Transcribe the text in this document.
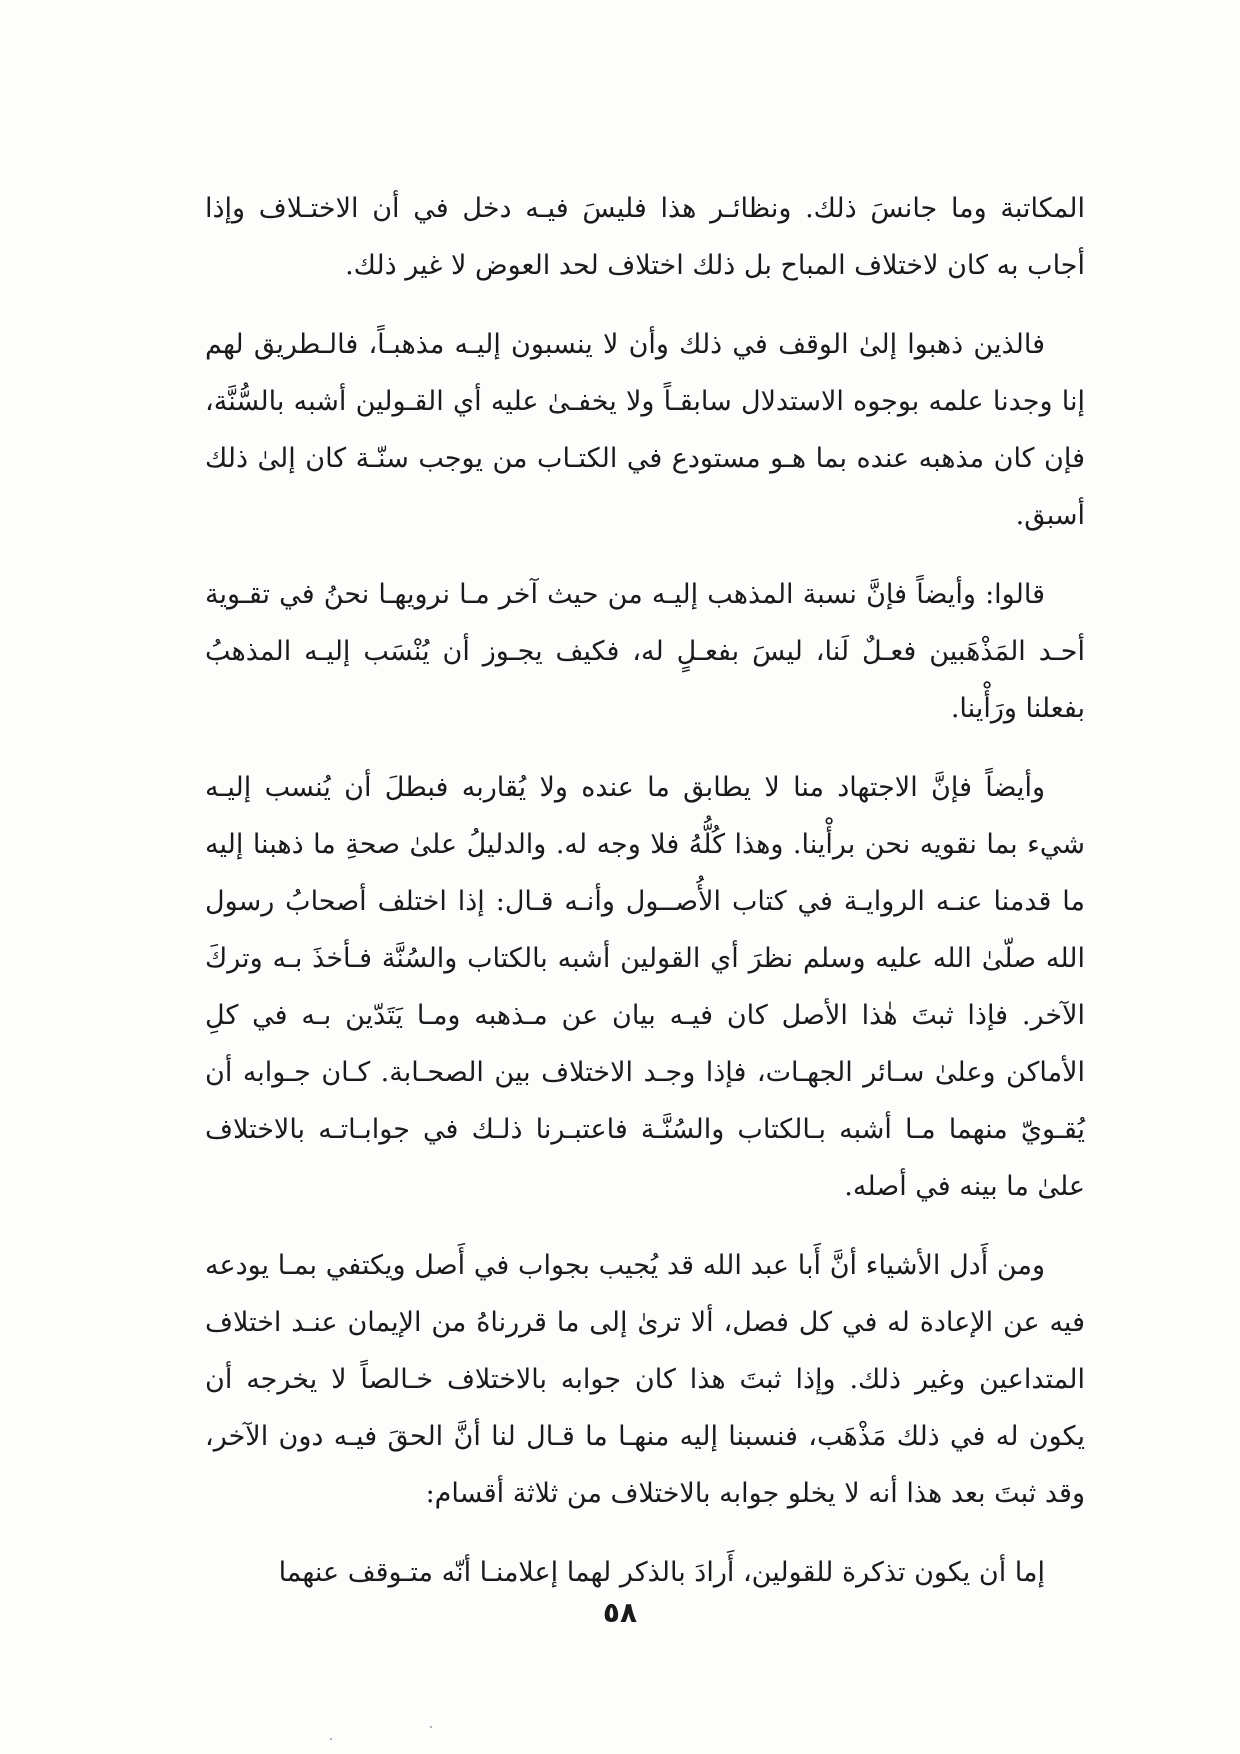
المكاتبة وما جانسَ ذلك. ونظائـر هذا فليسَ فيـه دخل في أن الاختـلاف وإذا أجاب به كان لاختلاف المباح بل ذلك اختلاف لحد العوض لا غير ذلك.

فالذين ذهبوا إلىٰ الوقف في ذلك وأن لا ينسبون إليـه مذهبـاً، فالـطريق لهم إنا وجدنا علمه بوجوه الاستدلال سابقـاً ولا يخفـىٰ عليه أي القـولين أشبه بالسُّنَّة، فإن كان مذهبه عنده بما هـو مستودع في الكتـاب من يوجب سنّـة كان إلىٰ ذلك أسبق.

قالوا: وأيضاً فإنَّ نسبة المذهب إليـه من حيث آخر مـا نرويهـا نحنُ في تقـوية أحـد المَذْهَبين فعـلٌ لَنا، ليسَ بفعـلٍ له، فكيف يجـوز أن يُنْسَب إليـه المذهبُ بفعلنا ورَأْينا.

وأيضاً فإنَّ الاجتهاد منا لا يطابق ما عنده ولا يُقاربه فبطلَ أن يُنسب إليـه شيء بما نقويه نحن برأْينا. وهذا كُلُّهُ فلا وجه له. والدليلُ علىٰ صحةِ ما ذهبنا إليه ما قدمنا عنـه الروايـة في كتاب الأُصــول وأنـه قـال: إذا اختلف أصحابُ رسول الله صلّىٰ الله عليه وسلم نظرَ أي القولين أشبه بالكتاب والسُنَّة فـأخذَ بـه وتركَ الآخر. فإذا ثبتَ هٰذا الأصل كان فيـه بيان عن مـذهبه ومـا يَتَدّين بـه في كلِ الأماكن وعلىٰ سـائر الجهـات، فإذا وجـد الاختلاف بين الصحـابة. كـان جـوابه أن يُقـويّ منهما مـا أشبه بـالكتاب والسُنَّـة فاعتبـرنا ذلـك في جوابـاتـه بالاختلاف علىٰ ما بينه في أصله.

ومن أَدل الأشياء أنَّ أَبا عبد الله قد يُجيب بجواب في أَصل ويكتفي بمـا يودعه فيه عن الإعادة له في كل فصل، ألا ترىٰ إلى ما قررناهُ من الإيمان عنـد اختلاف المتداعين وغير ذلك. وإذا ثبتَ هذا كان جوابه بالاختلاف خـالصاً لا يخرجه أن يكون له في ذلك مَذْهَب، فنسبنا إليه منهـا ما قـال لنا أنَّ الحقَ فيـه دون الآخر، وقد ثبتَ بعد هذا أنه لا يخلو جوابه بالاختلاف من ثلاثة أقسام:

إما أن يكون تذكرة للقولين، أَرادَ بالذكر لهما إعلامنـا أنّه متـوقف عنهما

٥٨
